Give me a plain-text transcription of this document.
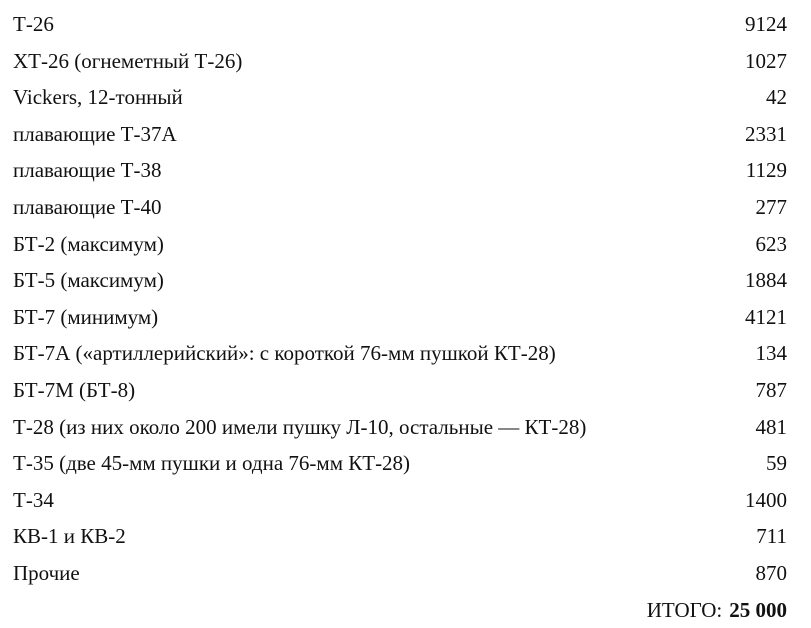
Т-26	9124
ХТ-26 (огнеметный Т-26)	1027
Vickers, 12-тонный	42
плавающие Т-37А	2331
плавающие Т-38	1129
плавающие Т-40	277
БТ-2 (максимум)	623
БТ-5 (максимум)	1884
БТ-7 (минимум)	4121
БТ-7А («артиллерийский»: с короткой 76-мм пушкой КТ-28)	134
БТ-7М (БТ-8)	787
Т-28 (из них около 200 имели пушку Л-10, остальные — КТ-28)	481
Т-35 (две 45-мм пушки и одна 76-мм КТ-28)	59
Т-34	1400
КВ-1 и КВ-2	711
Прочие	870
ИТОГО: 25 000
